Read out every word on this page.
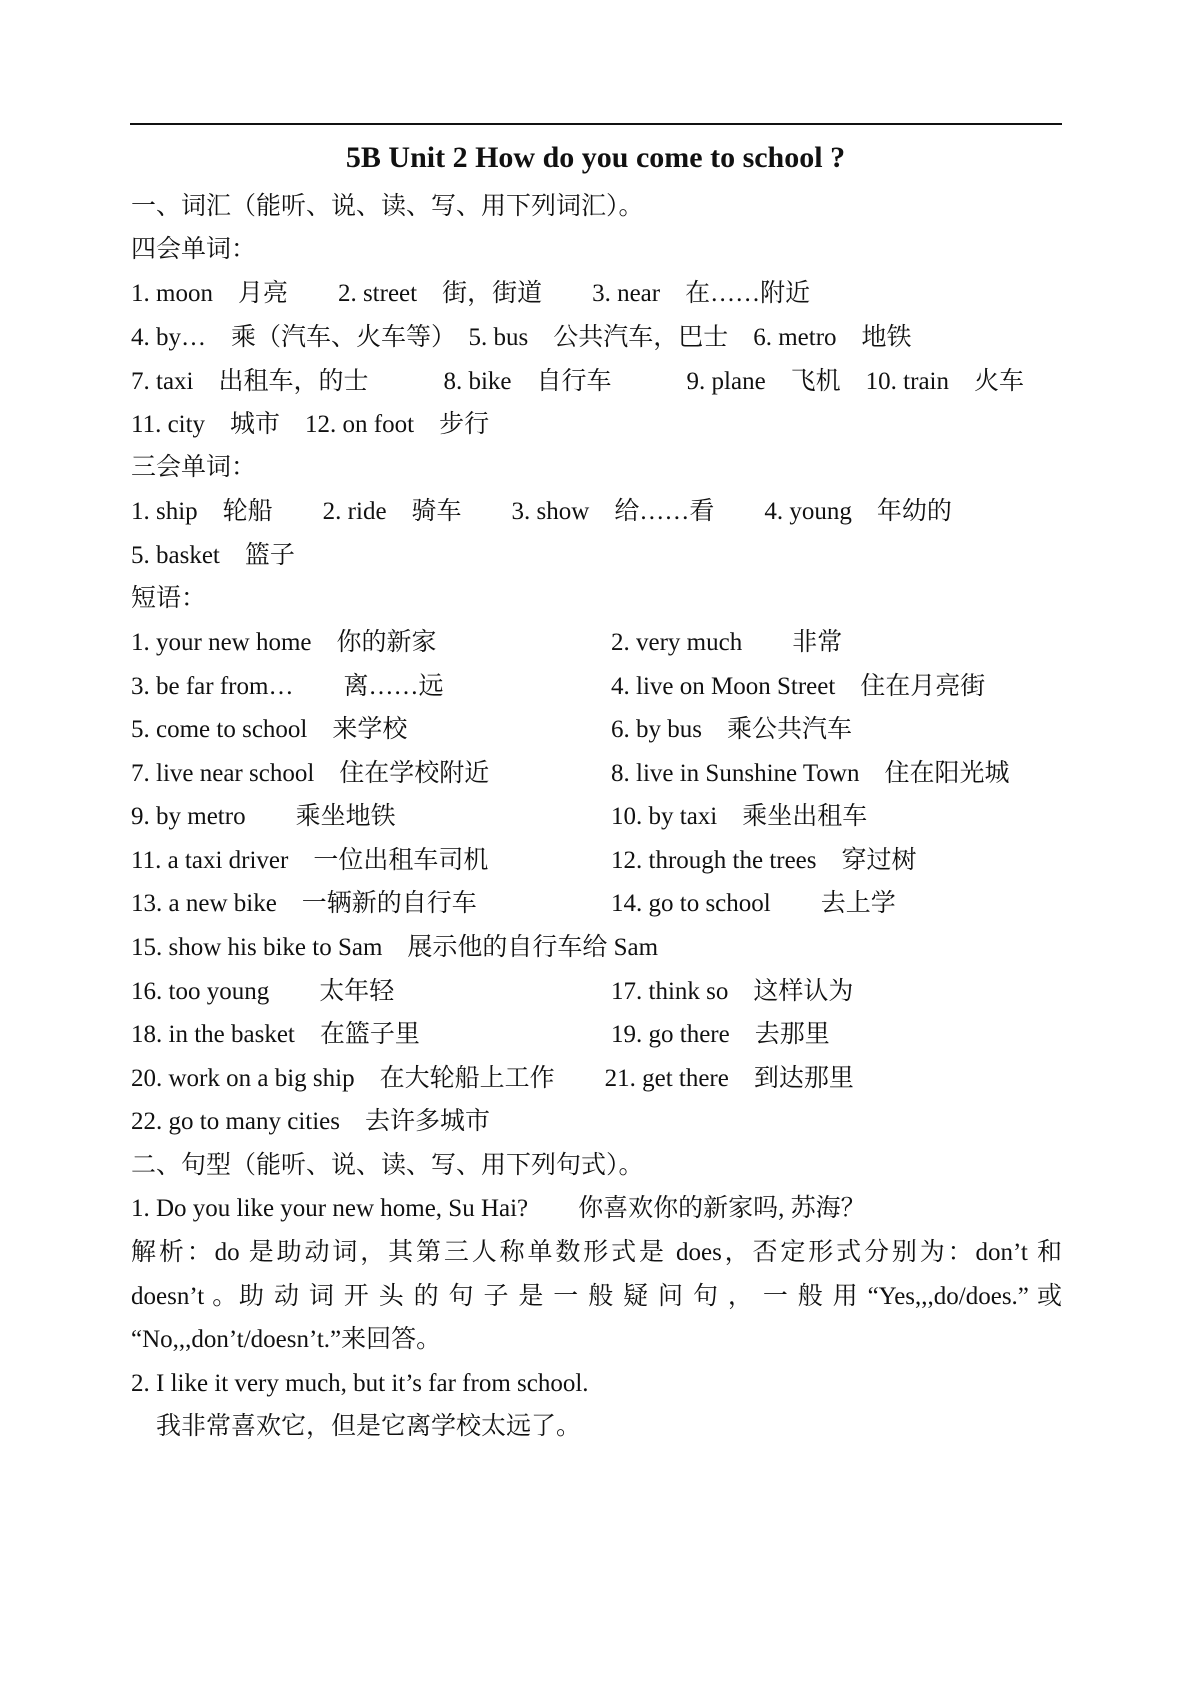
5B Unit 2 How do you come to school ?
一、词汇（能听、说、读、写、用下列词汇）。
四会单词：
1. moon　月亮　　2. street　街，街道　　3. near　在……附近
4. by…　乘（汽车、火车等）　5. bus　公共汽车，巴士　6. metro　地铁
7. taxi　出租车，的士　　　8. bike　自行车　　　9. plane　飞机　10. train　火车
11. city　城市　12. on foot　步行
三会单词：
1. ship　轮船　　2. ride　骑车　　3. show　给……看　　4. young　年幼的
5. basket　篮子
短语：
1. your new home　你的新家	2. very much　　非常
3. be far from…　　离……远	4. live on Moon Street　住在月亮街
5. come to school　来学校	6. by bus　乘公共汽车
7. live near school　住在学校附近	8. live in Sunshine Town　住在阳光城
9. by metro　　乘坐地铁	10. by taxi　乘坐出租车
11. a taxi driver　一位出租车司机	12. through the trees　穿过树
13. a new bike　一辆新的自行车	14. go to school　　去上学
15. show his bike to Sam　展示他的自行车给 Sam
16. too young　　太年轻	17. think so　这样认为
18. in the basket　在篮子里	19. go there　去那里
20. work on a big ship　在大轮船上工作　　21. get there　到达那里
22. go to many cities　去许多城市
二、句型（能听、说、读、写、用下列句式）。
1. Do you like your new home, Su Hai?　　你喜欢你的新家吗, 苏海？
解析：do 是助动词，其第三人称单数形式是 does，否定形式分别为：don’t 和
doesn’t 。助 动 词 开 头 的 句 子 是 一 般 疑 问 句 ， 一 般 用 “Yes,,,do/does.” 或
“No,,,don’t/doesn’t.”来回答。
2. I like it very much, but it’s far from school.
　我非常喜欢它，但是它离学校太远了。
